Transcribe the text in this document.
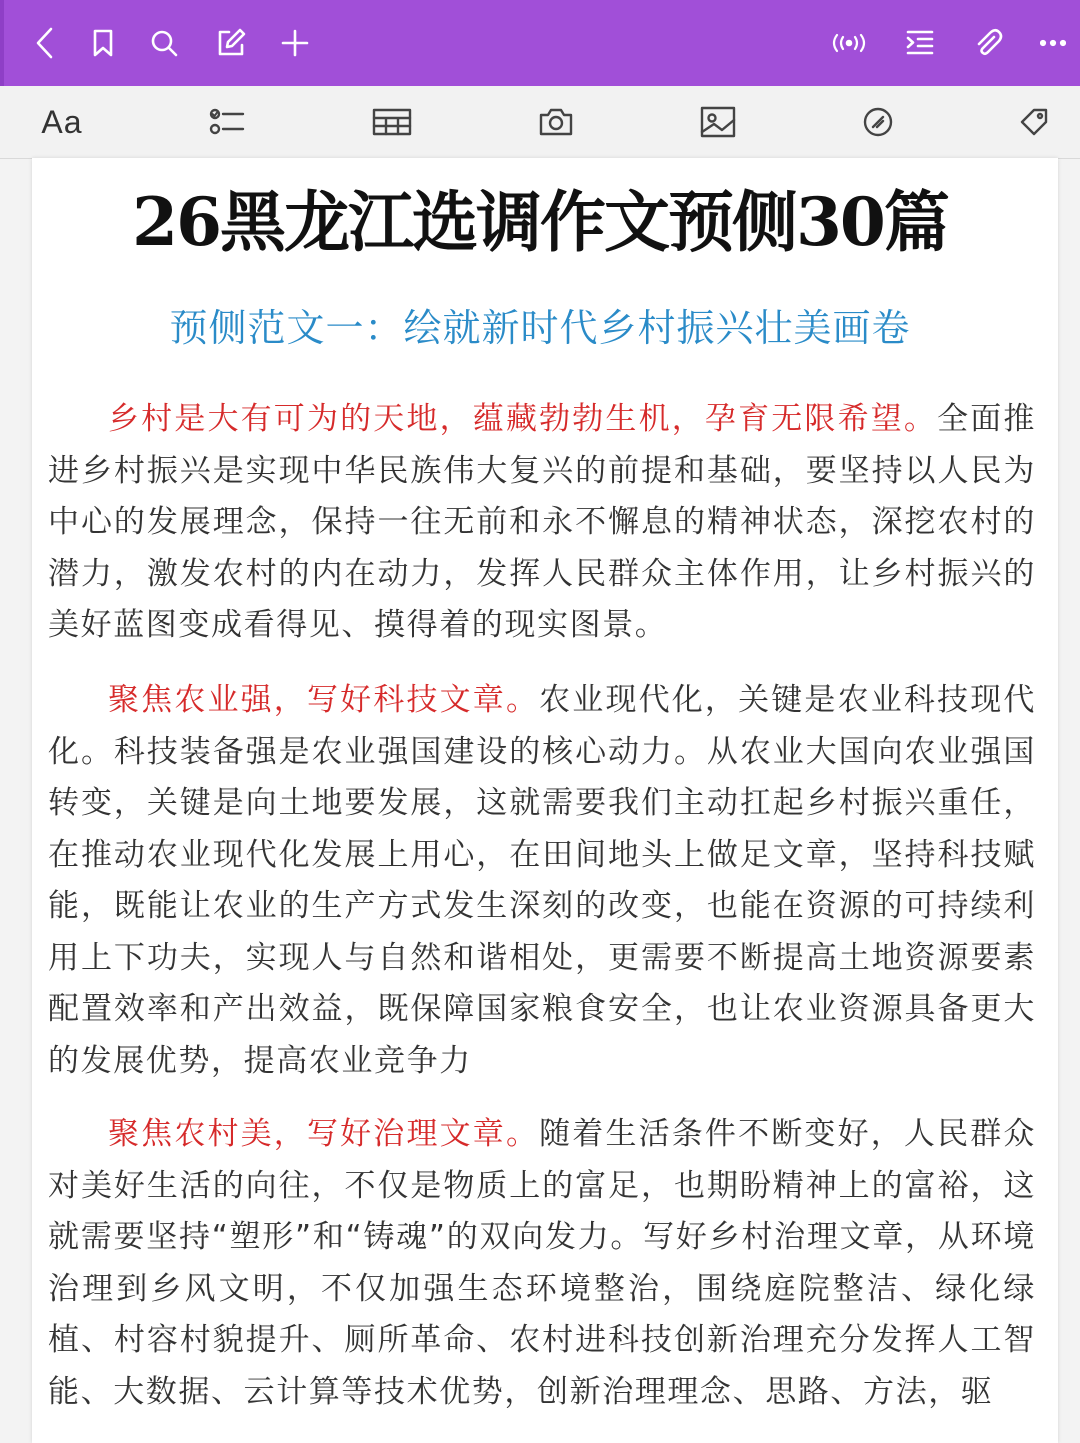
Aa
26黑龙江选调作文预侧30篇
预侧范文一：绘就新时代乡村振兴壮美画卷

乡村是大有可为的天地，蕴藏勃勃生机，孕育无限希望。全面推进乡村振兴是实现中华民族伟大复兴的前提和基础，要坚持以人民为中心的发展理念，保持一往无前和永不懈息的精神状态，深挖农村的潜力，激发农村的内在动力，发挥人民群众主体作用，让乡村振兴的美好蓝图变成看得见、摸得着的现实图景。

聚焦农业强，写好科技文章。农业现代化，关键是农业科技现代化。科技装备强是农业强国建设的核心动力。从农业大国向农业强国转变，关键是向土地要发展，这就需要我们主动扛起乡村振兴重任，在推动农业现代化发展上用心，在田间地头上做足文章，坚持科技赋能，既能让农业的生产方式发生深刻的改变，也能在资源的可持续利用上下功夫，实现人与自然和谐相处，更需要不断提高土地资源要素配置效率和产出效益，既保障国家粮食安全，也让农业资源具备更大的发展优势，提高农业竞争力

聚焦农村美，写好治理文章。随着生活条件不断变好，人民群众对美好生活的向往，不仅是物质上的富足，也期盼精神上的富裕，这就需要坚持“塑形”和“铸魂”的双向发力。写好乡村治理文章，从环境治理到乡风文明，不仅加强生态环境整治，围绕庭院整洁、绿化绿植、村容村貌提升、厕所革命、农村进科技创新治理充分发挥人工智能、大数据、云计算等技术优势，创新治理理念、思路、方法，驱
